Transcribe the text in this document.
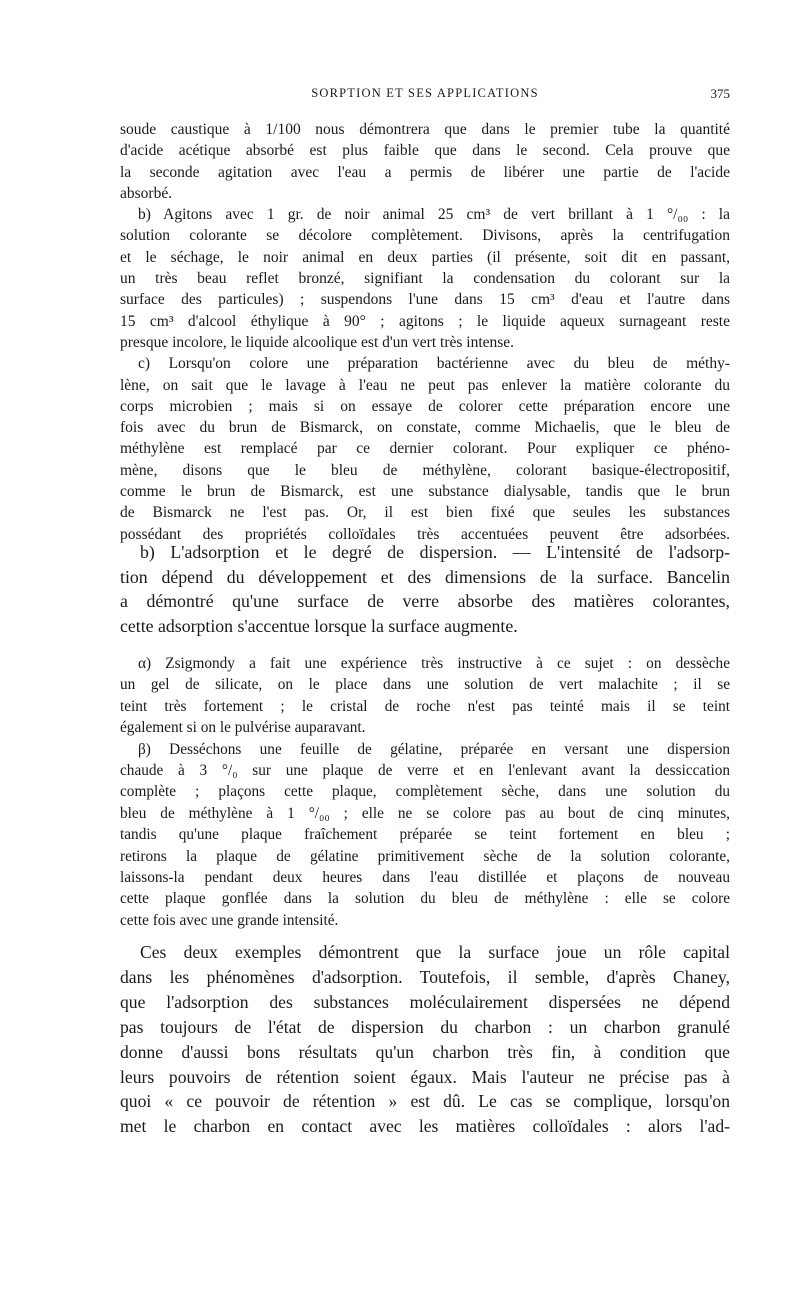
SORPTION ET SES APPLICATIONS	375
soude caustique à 1/100 nous démontrera que dans le premier tube la quantité
d'acide acétique absorbé est plus faible que dans le second. Cela prouve que
la seconde agitation avec l'eau a permis de libérer une partie de l'acide
absorbé.
b) Agitons avec 1 gr. de noir animal 25 cm³ de vert brillant à 1 °/₀₀ : la
solution colorante se décolore complètement. Divisons, après la centrifugation
et le séchage, le noir animal en deux parties (il présente, soit dit en passant,
un très beau reflet bronzé, signifiant la condensation du colorant sur la
surface des particules) ; suspendons l'une dans 15 cm³ d'eau et l'autre dans
15 cm³ d'alcool éthylique à 90° ; agitons ; le liquide aqueux surnageant reste
presque incolore, le liquide alcoolique est d'un vert très intense.
c) Lorsqu'on colore une préparation bactérienne avec du bleu de méthy-
lène, on sait que le lavage à l'eau ne peut pas enlever la matière colorante du
corps microbien ; mais si on essaye de colorer cette préparation encore une
fois avec du brun de Bismarck, on constate, comme Michaelis, que le bleu de
méthylène est remplacé par ce dernier colorant. Pour expliquer ce phéno-
mène, disons que le bleu de méthylène, colorant basique-électropositif,
comme le brun de Bismarck, est une substance dialysable, tandis que le brun
de Bismarck ne l'est pas. Or, il est bien fixé que seules les substances
possédant des propriétés colloïdales très accentuées peuvent être adsorbées.
b) L'adsorption et le degré de dispersion. — L'intensité de l'adsorp-
tion dépend du développement et des dimensions de la surface. Bancelin
a démontré qu'une surface de verre absorbe des matières colorantes,
cette adsorption s'accentue lorsque la surface augmente.
α) Zsigmondy a fait une expérience très instructive à ce sujet : on dessèche
un gel de silicate, on le place dans une solution de vert malachite ; il se
teint très fortement ; le cristal de roche n'est pas teinté mais il se teint
également si on le pulvérise auparavant.
β) Desséchons une feuille de gélatine, préparée en versant une dispersion
chaude à 3 °/₀ sur une plaque de verre et en l'enlevant avant la dessiccation
complète ; plaçons cette plaque, complètement sèche, dans une solution du
bleu de méthylène à 1 °/₀₀ ; elle ne se colore pas au bout de cinq minutes,
tandis qu'une plaque fraîchement préparée se teint fortement en bleu ;
retirons la plaque de gélatine primitivement sèche de la solution colorante,
laissons-la pendant deux heures dans l'eau distillée et plaçons de nouveau
cette plaque gonflée dans la solution du bleu de méthylène : elle se colore
cette fois avec une grande intensité.
Ces deux exemples démontrent que la surface joue un rôle capital
dans les phénomènes d'adsorption. Toutefois, il semble, d'après Chaney,
que l'adsorption des substances moléculairement dispersées ne dépend
pas toujours de l'état de dispersion du charbon : un charbon granulé
donne d'aussi bons résultats qu'un charbon très fin, à condition que
leurs pouvoirs de rétention soient égaux. Mais l'auteur ne précise pas à
quoi « ce pouvoir de rétention » est dû. Le cas se complique, lorsqu'on
met le charbon en contact avec les matières colloïdales : alors l'ad-
